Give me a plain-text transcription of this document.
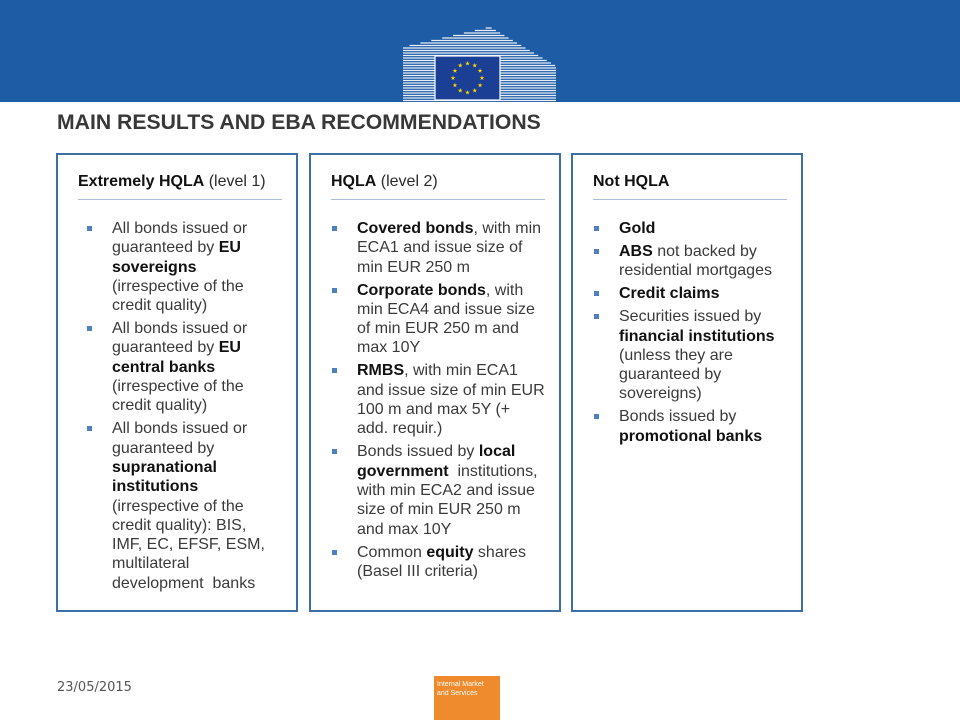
MAIN RESULTS AND EBA RECOMMENDATIONS
Extremely HQLA (level 1)
All bonds issued or
guaranteed by EU
sovereigns
(irrespective of the
credit quality)
All bonds issued or
guaranteed by EU
central banks
(irrespective of the
credit quality)
All bonds issued or
guaranteed by
supranational
institutions
(irrespective of the
credit quality): BIS,
IMF, EC, EFSF, ESM,
multilateral
development  banks
HQLA (level 2)
Covered bonds, with min
ECA1 and issue size of
min EUR 250 m
Corporate bonds, with
min ECA4 and issue size
of min EUR 250 m and
max 10Y
RMBS, with min ECA1
and issue size of min EUR
100 m and max 5Y (+
add. requir.)
Bonds issued by local
government  institutions,
with min ECA2 and issue
size of min EUR 250 m
and max 10Y
Common equity shares
(Basel III criteria)
Not HQLA
Gold
ABS not backed by
residential mortgages
Credit claims
Securities issued by
financial institutions
(unless they are
guaranteed by
sovereigns)
Bonds issued by
promotional banks
23/05/2015	Internal Market
and Services
